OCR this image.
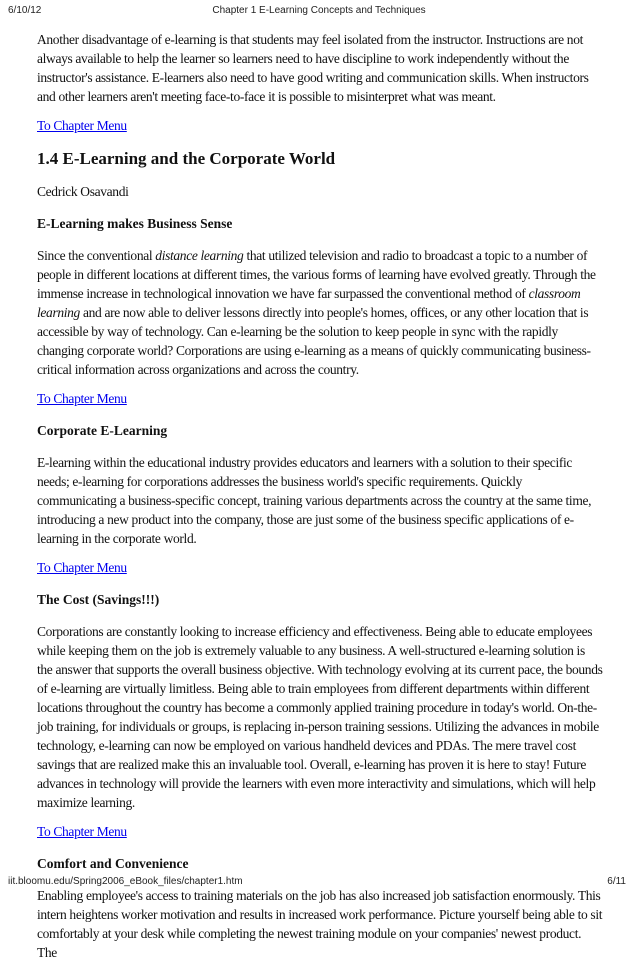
6/10/12	Chapter 1 E-Learning Concepts and Techniques

Another disadvantage of e-learning is that students may feel isolated from the instructor. Instructions are not always available to help the learner so learners need to have discipline to work independently without the instructor's assistance. E-learners also need to have good writing and communication skills. When instructors and other learners aren't meeting face-to-face it is possible to misinterpret what was meant.

To Chapter Menu

1.4 E-Learning and the Corporate World

Cedrick Osavandi

E-Learning makes Business Sense

Since the conventional distance learning that utilized television and radio to broadcast a topic to a number of people in different locations at different times, the various forms of learning have evolved greatly. Through the immense increase in technological innovation we have far surpassed the conventional method of classroom learning and are now able to deliver lessons directly into people's homes, offices, or any other location that is accessible by way of technology. Can e-learning be the solution to keep people in sync with the rapidly changing corporate world? Corporations are using e-learning as a means of quickly communicating business-critical information across organizations and across the country.

To Chapter Menu

Corporate E-Learning

E-learning within the educational industry provides educators and learners with a solution to their specific needs; e-learning for corporations addresses the business world's specific requirements. Quickly communicating a business-specific concept, training various departments across the country at the same time, introducing a new product into the company, those are just some of the business specific applications of e-learning in the corporate world.

To Chapter Menu

The Cost (Savings!!!)

Corporations are constantly looking to increase efficiency and effectiveness. Being able to educate employees while keeping them on the job is extremely valuable to any business. A well-structured e-learning solution is the answer that supports the overall business objective. With technology evolving at its current pace, the bounds of e-learning are virtually limitless. Being able to train employees from different departments within different locations throughout the country has become a commonly applied training procedure in today's world. On-the-job training, for individuals or groups, is replacing in-person training sessions. Utilizing the advances in mobile technology, e-learning can now be employed on various handheld devices and PDAs. The mere travel cost savings that are realized make this an invaluable tool. Overall, e-learning has proven it is here to stay! Future advances in technology will provide the learners with even more interactivity and simulations, which will help maximize learning.

To Chapter Menu

Comfort and Convenience

Enabling employee's access to training materials on the job has also increased job satisfaction enormously. This intern heightens worker motivation and results in increased work performance. Picture yourself being able to sit comfortably at your desk while completing the newest training module on your companies' newest product. The

iit.bloomu.edu/Spring2006_eBook_files/chapter1.htm	6/11
